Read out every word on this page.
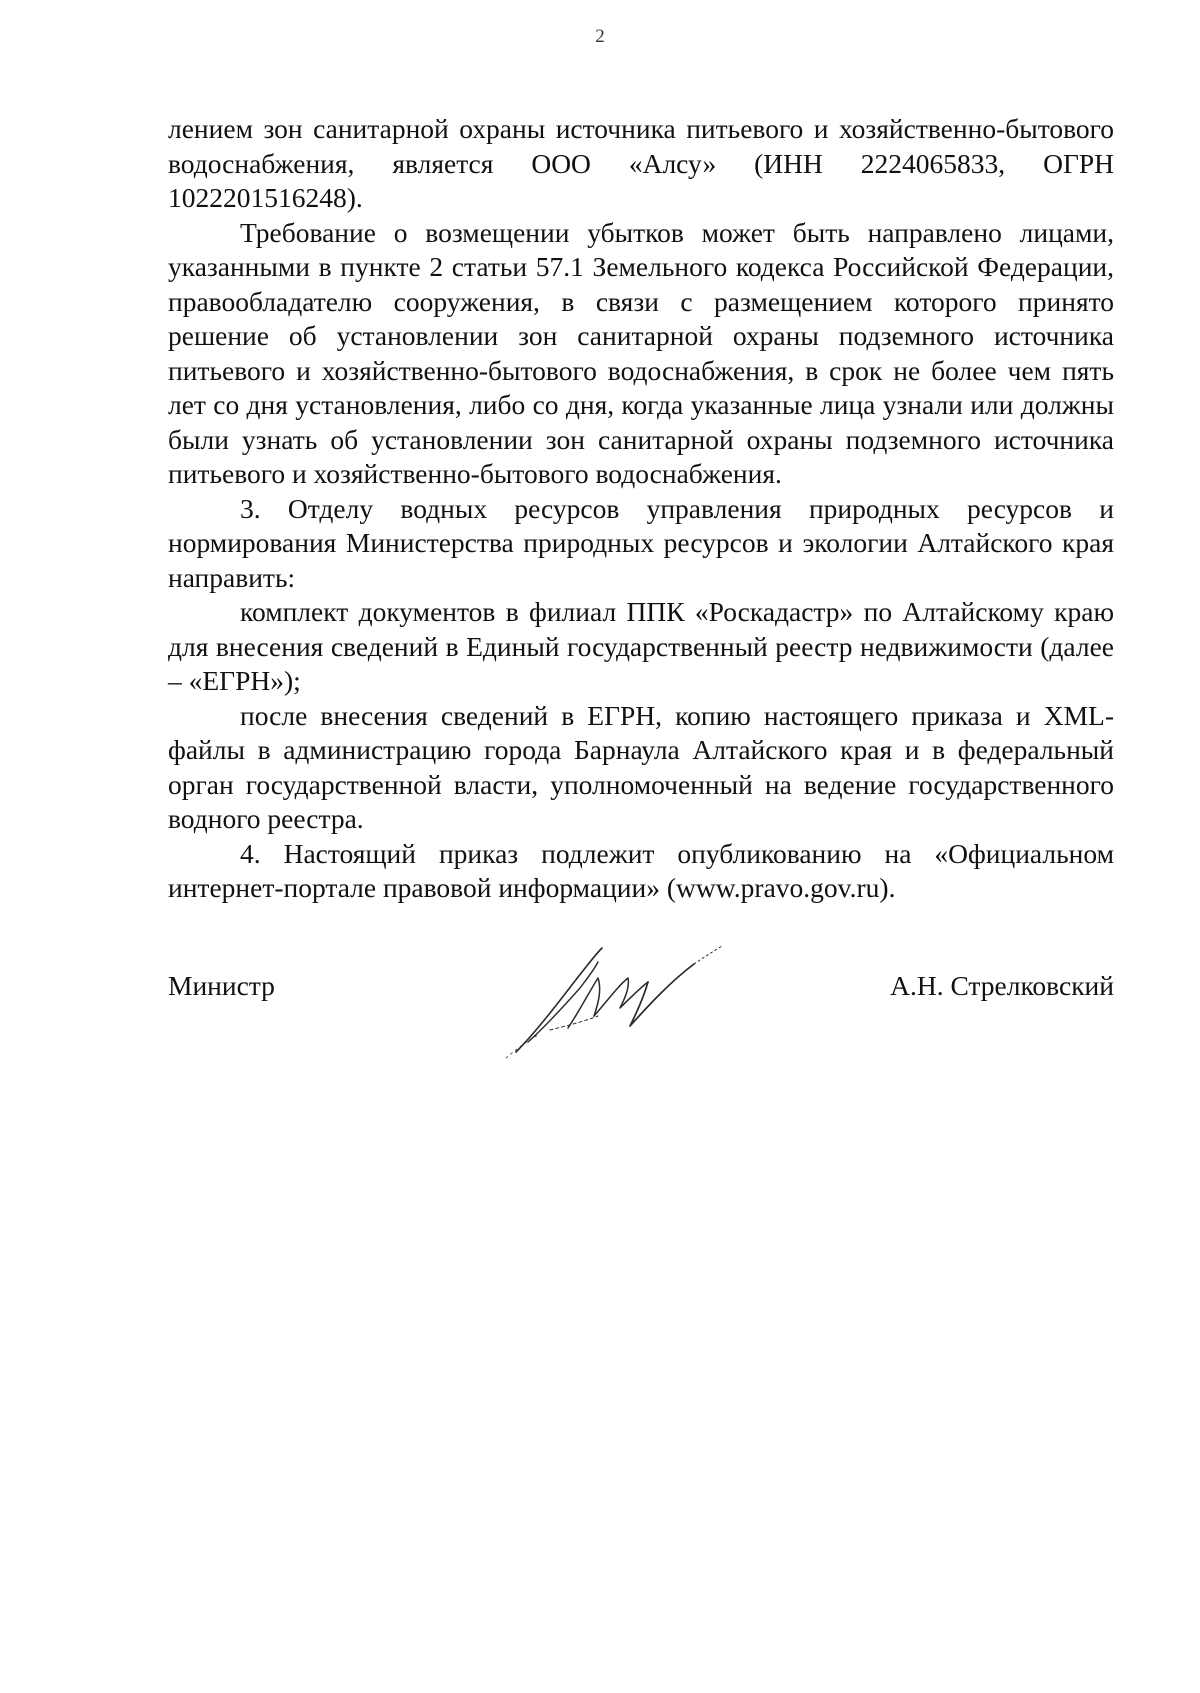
2

лением зон санитарной охраны источника питьевого и хозяйственно-бытового водоснабжения, является ООО «Алсу» (ИНН 2224065833, ОГРН 1022201516248).

Требование о возмещении убытков может быть направлено лицами, указанными в пункте 2 статьи 57.1 Земельного кодекса Российской Федерации, правообладателю сооружения, в связи с размещением которого принято решение об установлении зон санитарной охраны подземного источника питьевого и хозяйственно-бытового водоснабжения, в срок не более чем пять лет со дня установления, либо со дня, когда указанные лица узнали или должны были узнать об установлении зон санитарной охраны подземного источника питьевого и хозяйственно-бытового водоснабжения.

3. Отделу водных ресурсов управления природных ресурсов и нормирования Министерства природных ресурсов и экологии Алтайского края направить:

комплект документов в филиал ППК «Роскадастр» по Алтайскому краю для внесения сведений в Единый государственный реестр недвижимости (далее – «ЕГРН»);

после внесения сведений в ЕГРН, копию настоящего приказа и XML-файлы в администрацию города Барнаула Алтайского края и в федеральный орган государственной власти, уполномоченный на ведение государственного водного реестра.

4. Настоящий приказ подлежит опубликованию на «Официальном интернет-портале правовой информации» (www.pravo.gov.ru).

Министр	А.Н. Стрелковский
